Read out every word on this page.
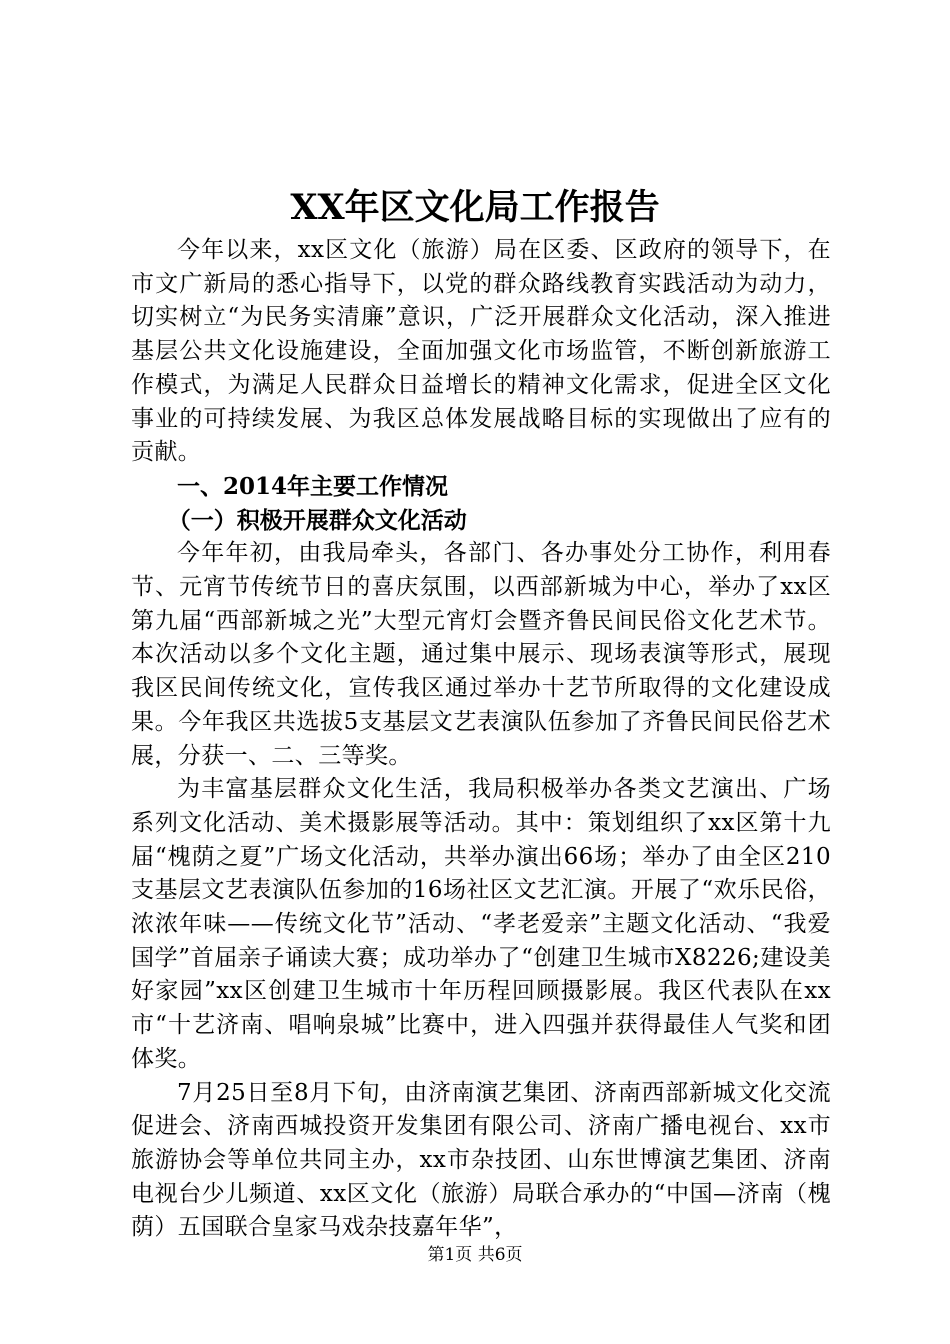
XX年区文化局工作报告

今年以来，xx区文化（旅游）局在区委、区政府的领导下，在市文广新局的悉心指导下，以党的群众路线教育实践活动为动力，切实树立“为民务实清廉”意识，广泛开展群众文化活动，深入推进基层公共文化设施建设，全面加强文化市场监管，不断创新旅游工作模式，为满足人民群众日益增长的精神文化需求，促进全区文化事业的可持续发展、为我区总体发展战略目标的实现做出了应有的贡献。

一、2014年主要工作情况

（一）积极开展群众文化活动

今年年初，由我局牵头，各部门、各办事处分工协作，利用春节、元宵节传统节日的喜庆氛围，以西部新城为中心，举办了xx区第九届“西部新城之光”大型元宵灯会暨齐鲁民间民俗文化艺术节。本次活动以多个文化主题，通过集中展示、现场表演等形式，展现我区民间传统文化，宣传我区通过举办十艺节所取得的文化建设成果。今年我区共选拔5支基层文艺表演队伍参加了齐鲁民间民俗艺术展，分获一、二、三等奖。

为丰富基层群众文化生活，我局积极举办各类文艺演出、广场系列文化活动、美术摄影展等活动。其中：策划组织了xx区第十九届“槐荫之夏”广场文化活动，共举办演出66场；举办了由全区210支基层文艺表演队伍参加的16场社区文艺汇演。开展了“欢乐民俗，浓浓年味——传统文化节”活动、“孝老爱亲”主题文化活动、“我爱国学”首届亲子诵读大赛；成功举办了“创建卫生城市X8226;建设美好家园”xx区创建卫生城市十年历程回顾摄影展。我区代表队在xx市“十艺济南、唱响泉城”比赛中，进入四强并获得最佳人气奖和团体奖。

7月25日至8月下旬，由济南演艺集团、济南西部新城文化交流促进会、济南西城投资开发集团有限公司、济南广播电视台、xx市旅游协会等单位共同主办，xx市杂技团、山东世博演艺集团、济南电视台少儿频道、xx区文化（旅游）局联合承办的“中国—济南（槐荫）五国联合皇家马戏杂技嘉年华”，

第1页 共6页
